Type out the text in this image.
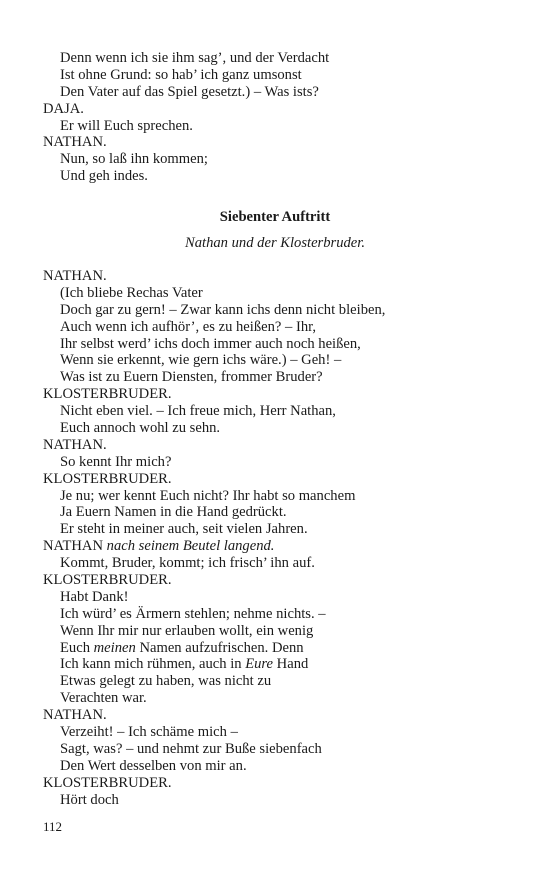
Denn wenn ich sie ihm sag’, und der Verdacht
Ist ohne Grund: so hab’ ich ganz umsonst
Den Vater auf das Spiel gesetzt.) – Was ists?
DAJA.
Er will Euch sprechen.
NATHAN.
Nun, so laß ihn kommen;
Und geh indes.
Siebenter Auftritt
Nathan und der Klosterbruder.
NATHAN.
(Ich bliebe Rechas Vater
Doch gar zu gern! – Zwar kann ichs denn nicht bleiben,
Auch wenn ich aufhör’, es zu heißen? – Ihr,
Ihr selbst werd’ ichs doch immer auch noch heißen,
Wenn sie erkennt, wie gern ichs wäre.) – Geh! –
Was ist zu Euern Diensten, frommer Bruder?
KLOSTERBRUDER.
Nicht eben viel. – Ich freue mich, Herr Nathan,
Euch annoch wohl zu sehn.
NATHAN.
So kennt Ihr mich?
KLOSTERBRUDER.
Je nu; wer kennt Euch nicht? Ihr habt so manchem
Ja Euern Namen in die Hand gedrückt.
Er steht in meiner auch, seit vielen Jahren.
NATHAN nach seinem Beutel langend.
Kommt, Bruder, kommt; ich frisch’ ihn auf.
KLOSTERBRUDER.
Habt Dank!
Ich würd’ es Ärmern stehlen; nehme nichts. –
Wenn Ihr mir nur erlauben wollt, ein wenig
Euch meinen Namen aufzufrischen. Denn
Ich kann mich rühmen, auch in Eure Hand
Etwas gelegt zu haben, was nicht zu
Verachten war.
NATHAN.
Verzeiht! – Ich schäme mich –
Sagt, was? – und nehmt zur Buße siebenfach
Den Wert desselben von mir an.
KLOSTERBRUDER.
Hört doch
112
